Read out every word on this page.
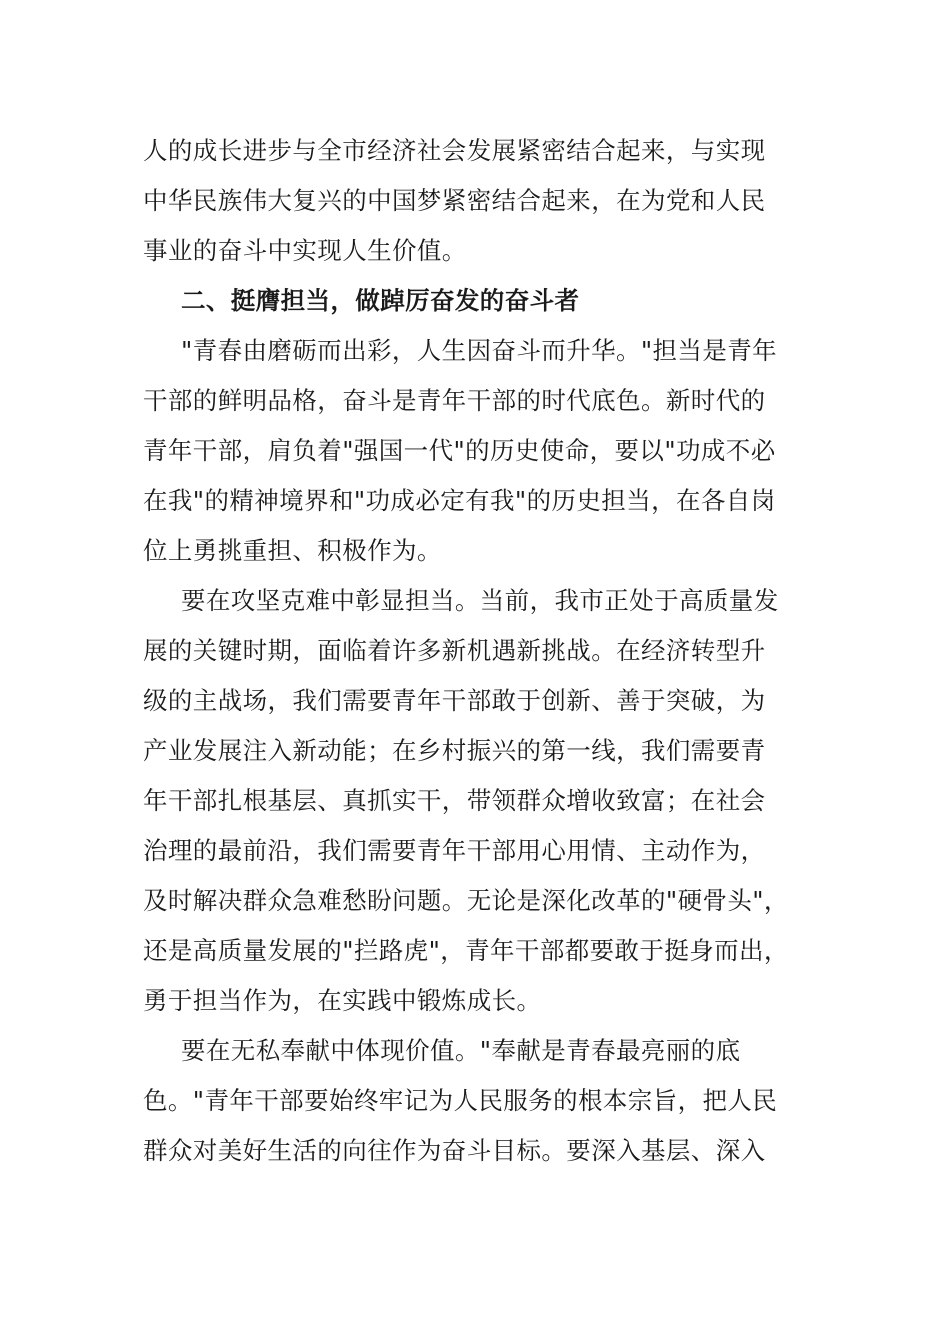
人的成长进步与全市经济社会发展紧密结合起来，与实现
中华民族伟大复兴的中国梦紧密结合起来，在为党和人民
事业的奋斗中实现人生价值。
二、挺膺担当，做踔厉奋发的奋斗者
"青春由磨砺而出彩，人生因奋斗而升华。"担当是青年
干部的鲜明品格，奋斗是青年干部的时代底色。新时代的
青年干部，肩负着"强国一代"的历史使命，要以"功成不必
在我"的精神境界和"功成必定有我"的历史担当，在各自岗
位上勇挑重担、积极作为。
要在攻坚克难中彰显担当。当前，我市正处于高质量发
展的关键时期，面临着许多新机遇新挑战。在经济转型升
级的主战场，我们需要青年干部敢于创新、善于突破，为
产业发展注入新动能；在乡村振兴的第一线，我们需要青
年干部扎根基层、真抓实干，带领群众增收致富；在社会
治理的最前沿，我们需要青年干部用心用情、主动作为，
及时解决群众急难愁盼问题。无论是深化改革的"硬骨头"，
还是高质量发展的"拦路虎"，青年干部都要敢于挺身而出，
勇于担当作为，在实践中锻炼成长。
要在无私奉献中体现价值。"奉献是青春最亮丽的底
色。"青年干部要始终牢记为人民服务的根本宗旨，把人民
群众对美好生活的向往作为奋斗目标。要深入基层、深入
